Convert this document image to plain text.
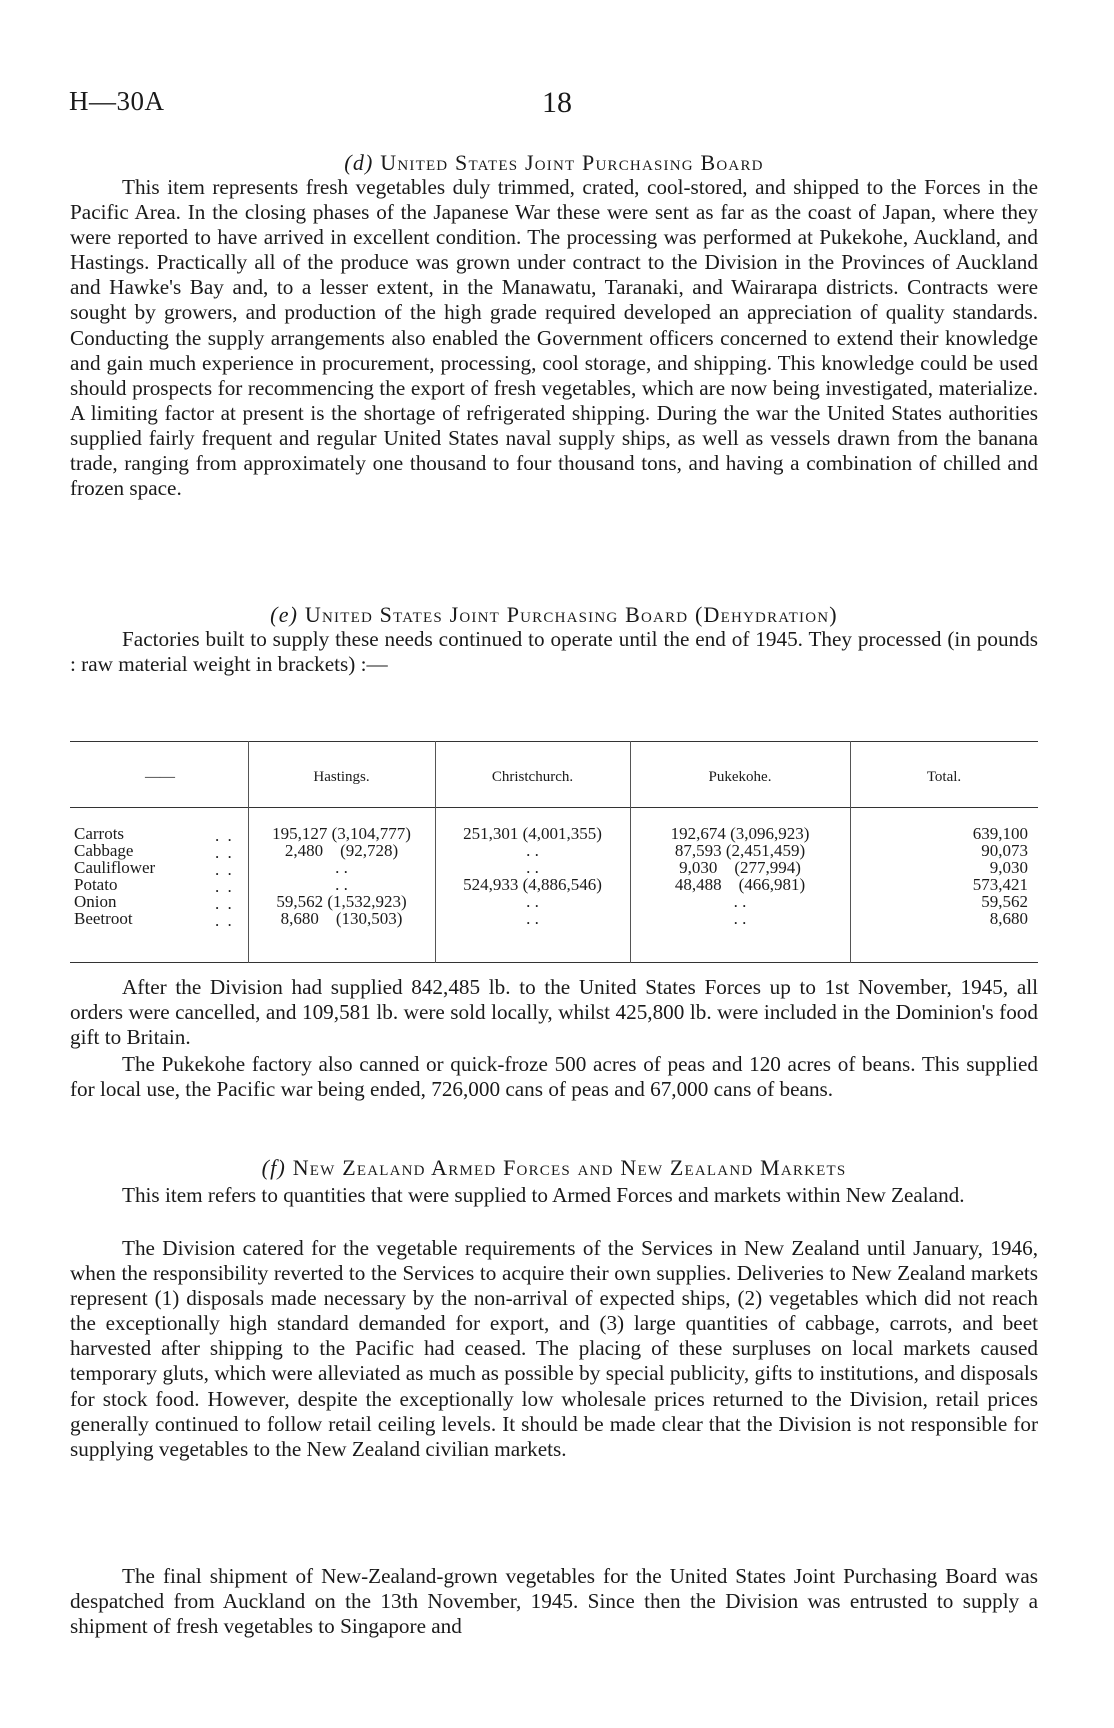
H—30A	18
(d) United States Joint Purchasing Board

This item represents fresh vegetables duly trimmed, crated, cool-stored, and shipped to the Forces in the Pacific Area. In the closing phases of the Japanese War these were sent as far as the coast of Japan, where they were reported to have arrived in excellent condition. The processing was performed at Pukekohe, Auckland, and Hastings. Practically all of the produce was grown under contract to the Division in the Provinces of Auckland and Hawke's Bay and, to a lesser extent, in the Manawatu, Taranaki, and Wairarapa districts. Contracts were sought by growers, and production of the high grade required developed an appreciation of quality standards. Conducting the supply arrangements also enabled the Government officers concerned to extend their knowledge and gain much experience in procurement, processing, cool storage, and shipping. This knowledge could be used should prospects for recommencing the export of fresh vegetables, which are now being investigated, materialize. A limiting factor at present is the shortage of refrigerated shipping. During the war the United States authorities supplied fairly frequent and regular United States naval supply ships, as well as vessels drawn from the banana trade, ranging from approximately one thousand to four thousand tons, and having a combination of chilled and frozen space.

(e) United States Joint Purchasing Board (Dehydration)

Factories built to supply these needs continued to operate until the end of 1945. They processed (in pounds : raw material weight in brackets) :—

——	Hastings.	Christchurch.	Pukekohe.	Total.
Carrots	. .	195,127 (3,104,777)	251,301 (4,001,355)	192,674 (3,096,923)	639,100
Cabbage	. .	2,480    (92,728)	. .	87,593 (2,451,459)	90,073
Cauliflower	. .	. .	. .	9,030    (277,994)	9,030
Potato	. .	. .	524,933 (4,886,546)	48,488    (466,981)	573,421
Onion	. .	59,562 (1,532,923)	. .	. .	59,562
Beetroot	. .	8,680    (130,503)	. .	. .	8,680

After the Division had supplied 842,485 lb. to the United States Forces up to 1st November, 1945, all orders were cancelled, and 109,581 lb. were sold locally, whilst 425,800 lb. were included in the Dominion's food gift to Britain.

The Pukekohe factory also canned or quick-froze 500 acres of peas and 120 acres of beans. This supplied for local use, the Pacific war being ended, 726,000 cans of peas and 67,000 cans of beans.

(f) New Zealand Armed Forces and New Zealand Markets

This item refers to quantities that were supplied to Armed Forces and markets within New Zealand.

The Division catered for the vegetable requirements of the Services in New Zealand until January, 1946, when the responsibility reverted to the Services to acquire their own supplies. Deliveries to New Zealand markets represent (1) disposals made necessary by the non-arrival of expected ships, (2) vegetables which did not reach the exceptionally high standard demanded for export, and (3) large quantities of cabbage, carrots, and beet harvested after shipping to the Pacific had ceased. The placing of these surpluses on local markets caused temporary gluts, which were alleviated as much as possible by special publicity, gifts to institutions, and disposals for stock food. However, despite the exceptionally low wholesale prices returned to the Division, retail prices generally continued to follow retail ceiling levels. It should be made clear that the Division is not responsible for supplying vegetables to the New Zealand civilian markets.

The final shipment of New-Zealand-grown vegetables for the United States Joint Purchasing Board was despatched from Auckland on the 13th November, 1945. Since then the Division was entrusted to supply a shipment of fresh vegetables to Singapore and
